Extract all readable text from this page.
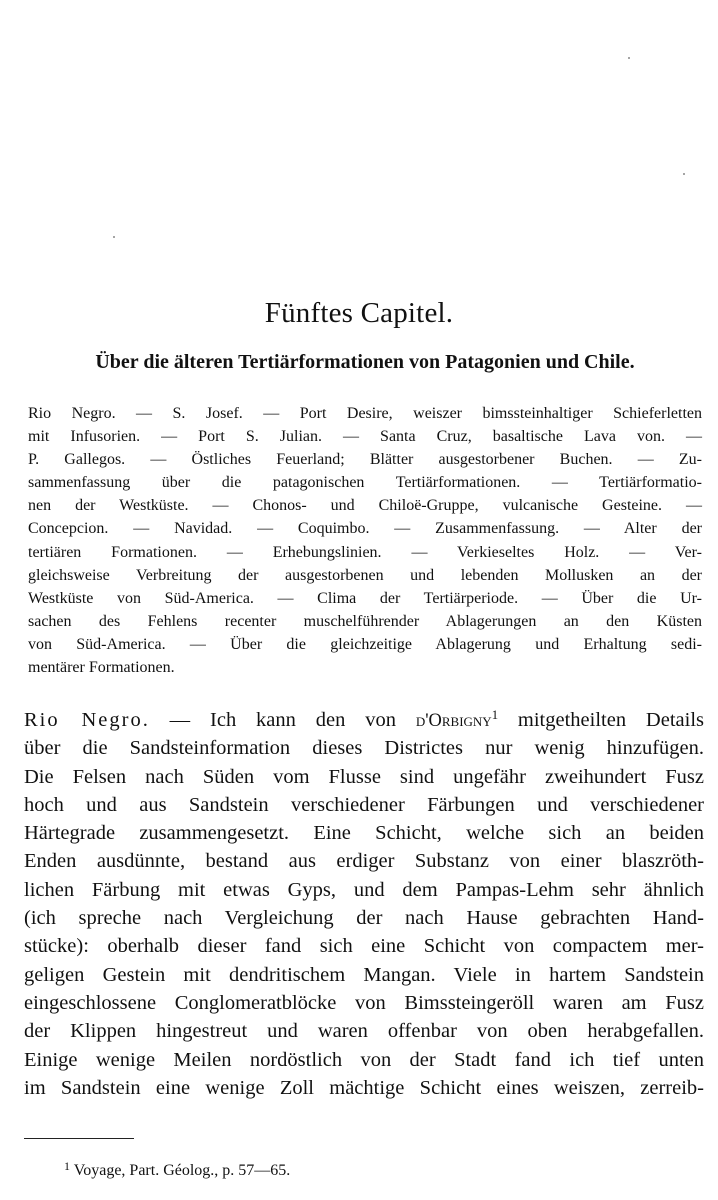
Fünftes Capitel.
Über die älteren Tertiärformationen von Patagonien und Chile.
Rio Negro. — S. Josef. — Port Desire, weiszer bimssteinhaltiger Schieferletten
mit Infusorien. — Port S. Julian. — Santa Cruz, basaltische Lava von. —
P. Gallegos. — Östliches Feuerland; Blätter ausgestorbener Buchen. — Zu-
sammenfassung über die patagonischen Tertiärformationen. — Tertiärformatio-
nen der Westküste. — Chonos- und Chiloë-Gruppe, vulcanische Gesteine. —
Concepcion. — Navidad. — Coquimbo. — Zusammenfassung. — Alter der
tertiären Formationen. — Erhebungslinien. — Verkieseltes Holz. — Ver-
gleichsweise Verbreitung der ausgestorbenen und lebenden Mollusken an der
Westküste von Süd-America. — Clima der Tertiärperiode. — Über die Ur-
sachen des Fehlens recenter muschelführender Ablagerungen an den Küsten
von Süd-America. — Über die gleichzeitige Ablagerung und Erhaltung sedi-
mentärer Formationen.
Rio Negro. — Ich kann den von d'Orbigny$^1$ mitgetheilten Details
über die Sandsteinformation dieses Districtes nur wenig hinzufügen.
Die Felsen nach Süden vom Flusse sind ungefähr zweihundert Fusz
hoch und aus Sandstein verschiedener Färbungen und verschiedener
Härtegrade zusammengesetzt. Eine Schicht, welche sich an beiden
Enden ausdünnte, bestand aus erdiger Substanz von einer blaszröth-
lichen Färbung mit etwas Gyps, und dem Pampas-Lehm sehr ähnlich
(ich spreche nach Vergleichung der nach Hause gebrachten Hand-
stücke): oberhalb dieser fand sich eine Schicht von compactem mer-
geligen Gestein mit dendritischem Mangan. Viele in hartem Sandstein
eingeschlossene Conglomeratblöcke von Bimssteingeröll waren am Fusz
der Klippen hingestreut und waren offenbar von oben herabgefallen.
Einige wenige Meilen nordöstlich von der Stadt fand ich tief unten
im Sandstein eine wenige Zoll mächtige Schicht eines weiszen, zerreib-
$^1$ Voyage, Part. Géolog., p. 57—65.
